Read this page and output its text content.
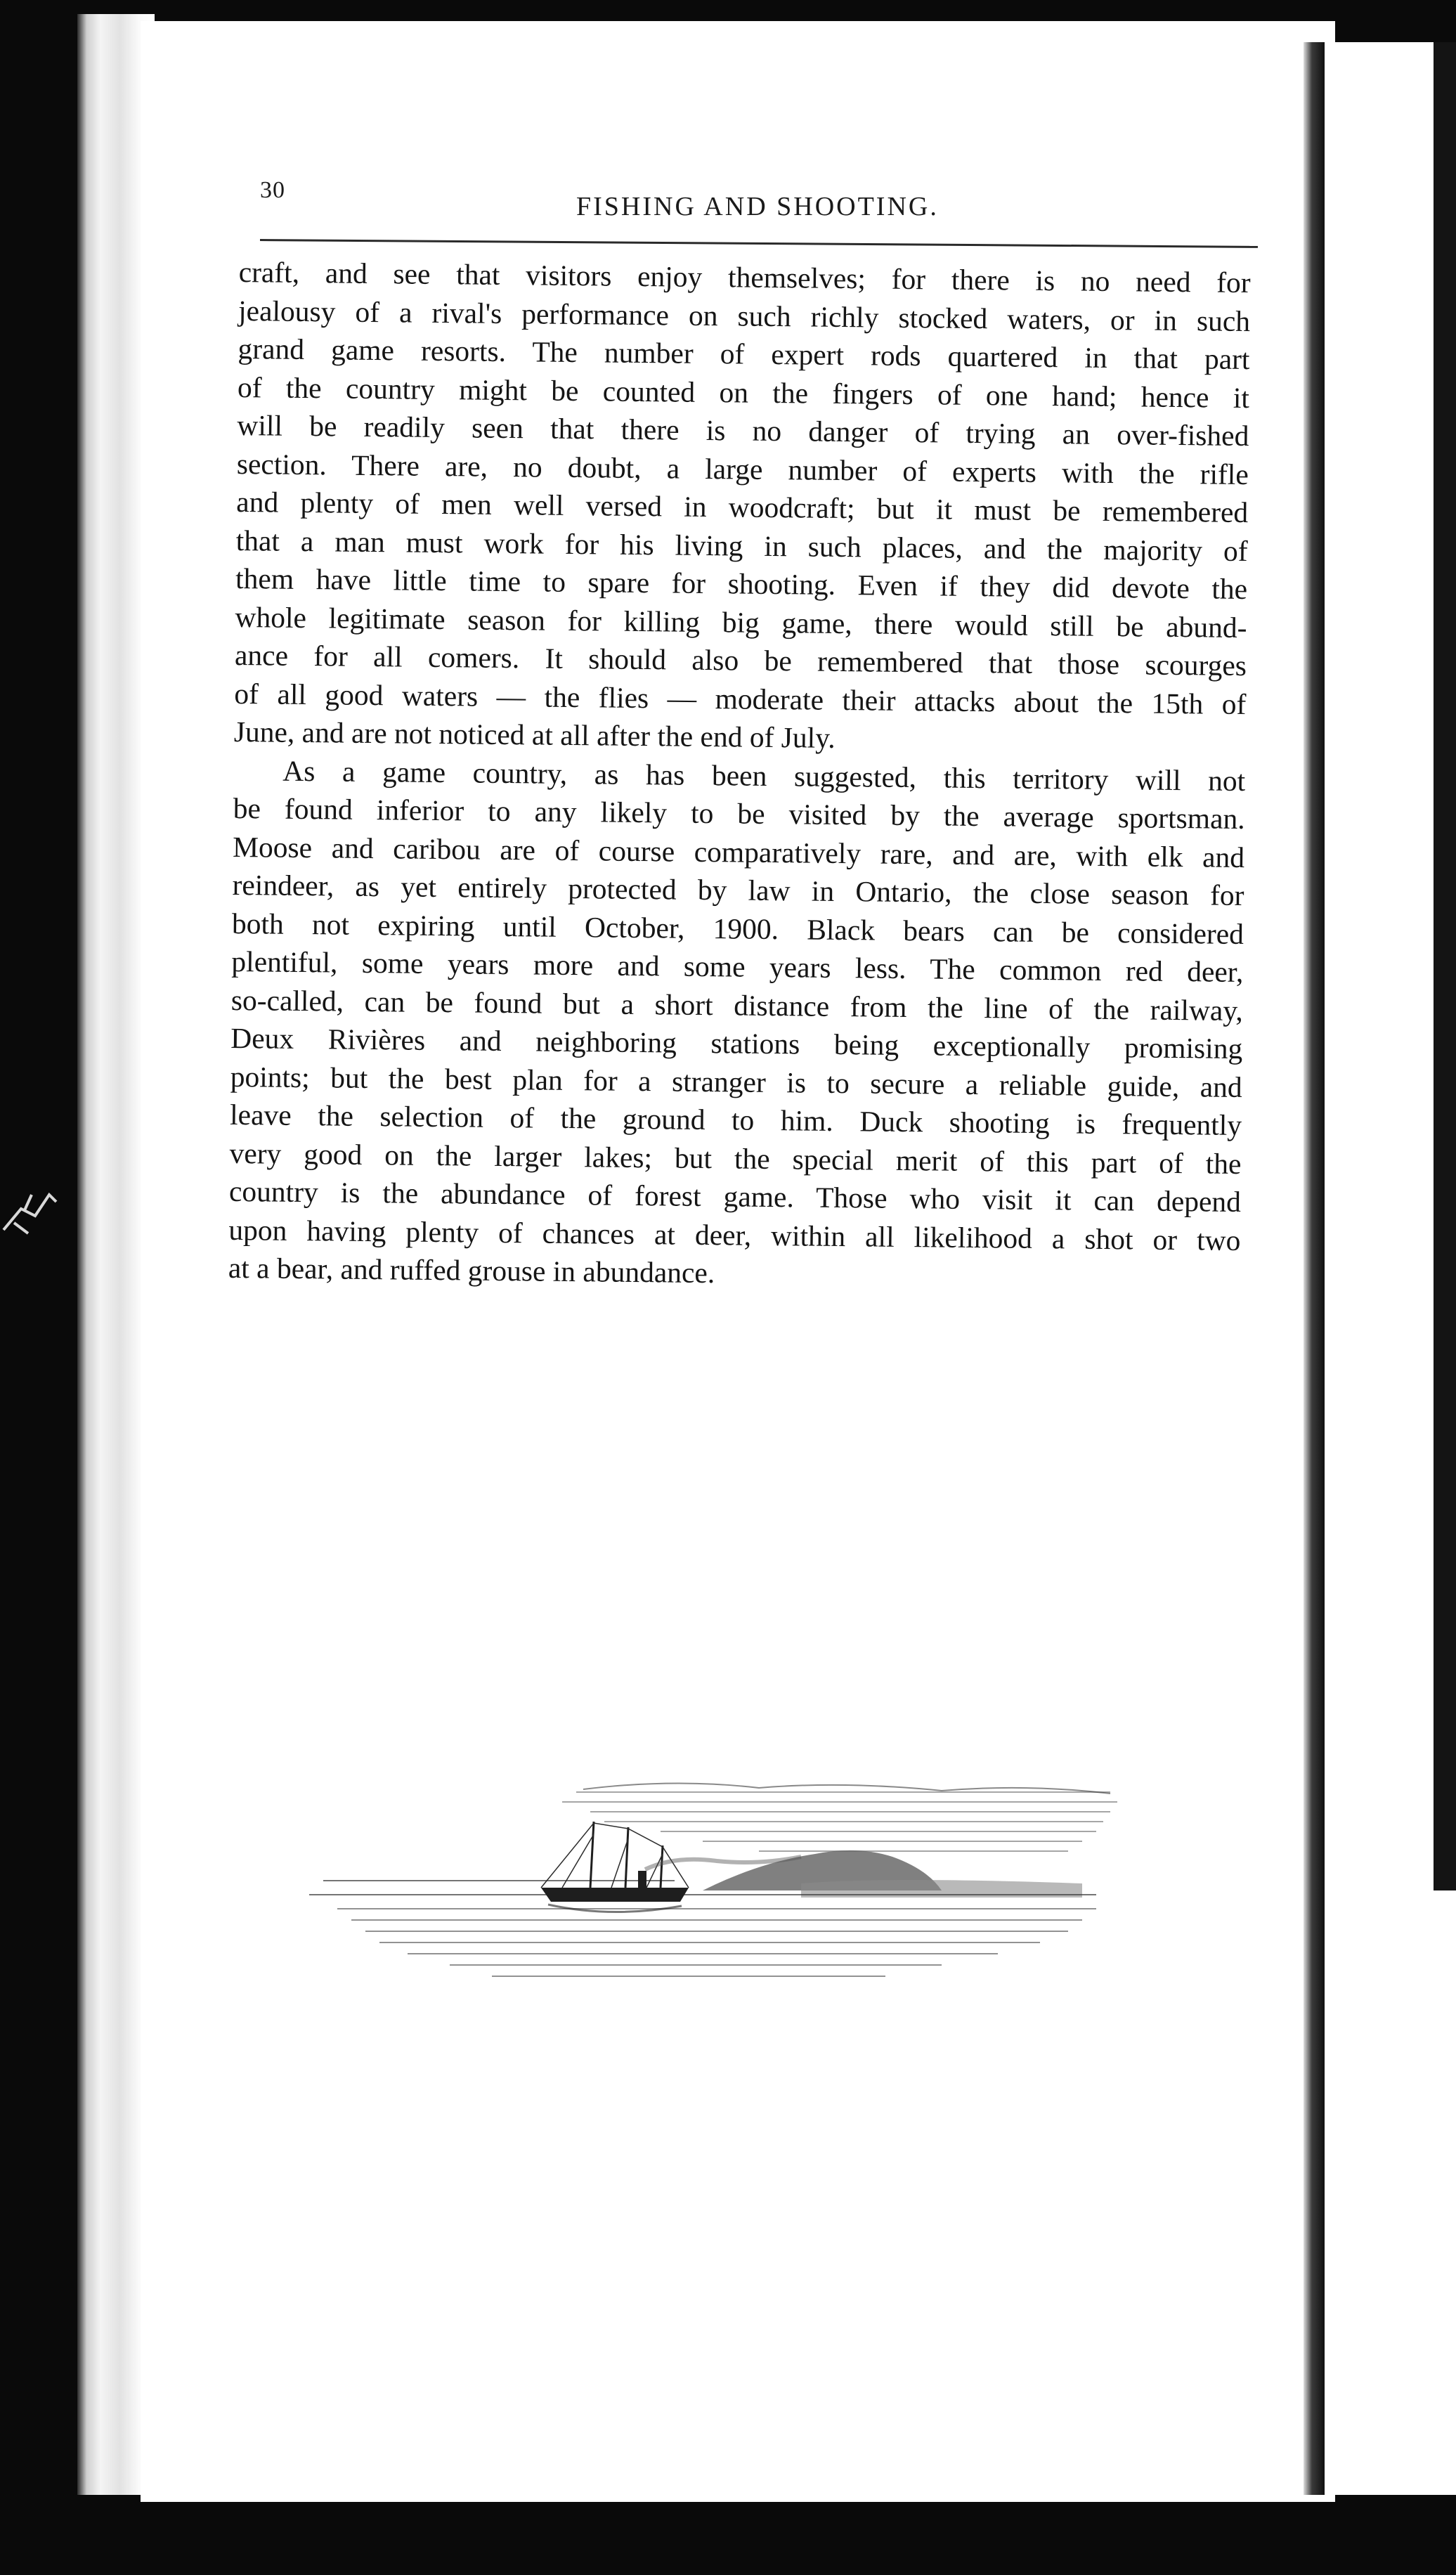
30
FISHING AND SHOOTING.
craft, and see that visitors enjoy themselves; for there is no need for
jealousy of a rival's performance on such richly stocked waters, or in such
grand game resorts. The number of expert rods quartered in that part
of the country might be counted on the fingers of one hand; hence it
will be readily seen that there is no danger of trying an over-fished
section. There are, no doubt, a large number of experts with the rifle
and plenty of men well versed in woodcraft; but it must be remembered
that a man must work for his living in such places, and the majority of
them have little time to spare for shooting. Even if they did devote the
whole legitimate season for killing big game, there would still be abund-
ance for all comers. It should also be remembered that those scourges
of all good waters — the flies — moderate their attacks about the 15th of
June, and are not noticed at all after the end of July.
As a game country, as has been suggested, this territory will not
be found inferior to any likely to be visited by the average sportsman.
Moose and caribou are of course comparatively rare, and are, with elk and
reindeer, as yet entirely protected by law in Ontario, the close season for
both not expiring until October, 1900. Black bears can be considered
plentiful, some years more and some years less. The common red deer,
so-called, can be found but a short distance from the line of the railway,
Deux Rivières and neighboring stations being exceptionally promising
points; but the best plan for a stranger is to secure a reliable guide, and
leave the selection of the ground to him. Duck shooting is frequently
very good on the larger lakes; but the special merit of this part of the
country is the abundance of forest game. Those who visit it can depend
upon having plenty of chances at deer, within all likelihood a shot or two
at a bear, and ruffed grouse in abundance.
